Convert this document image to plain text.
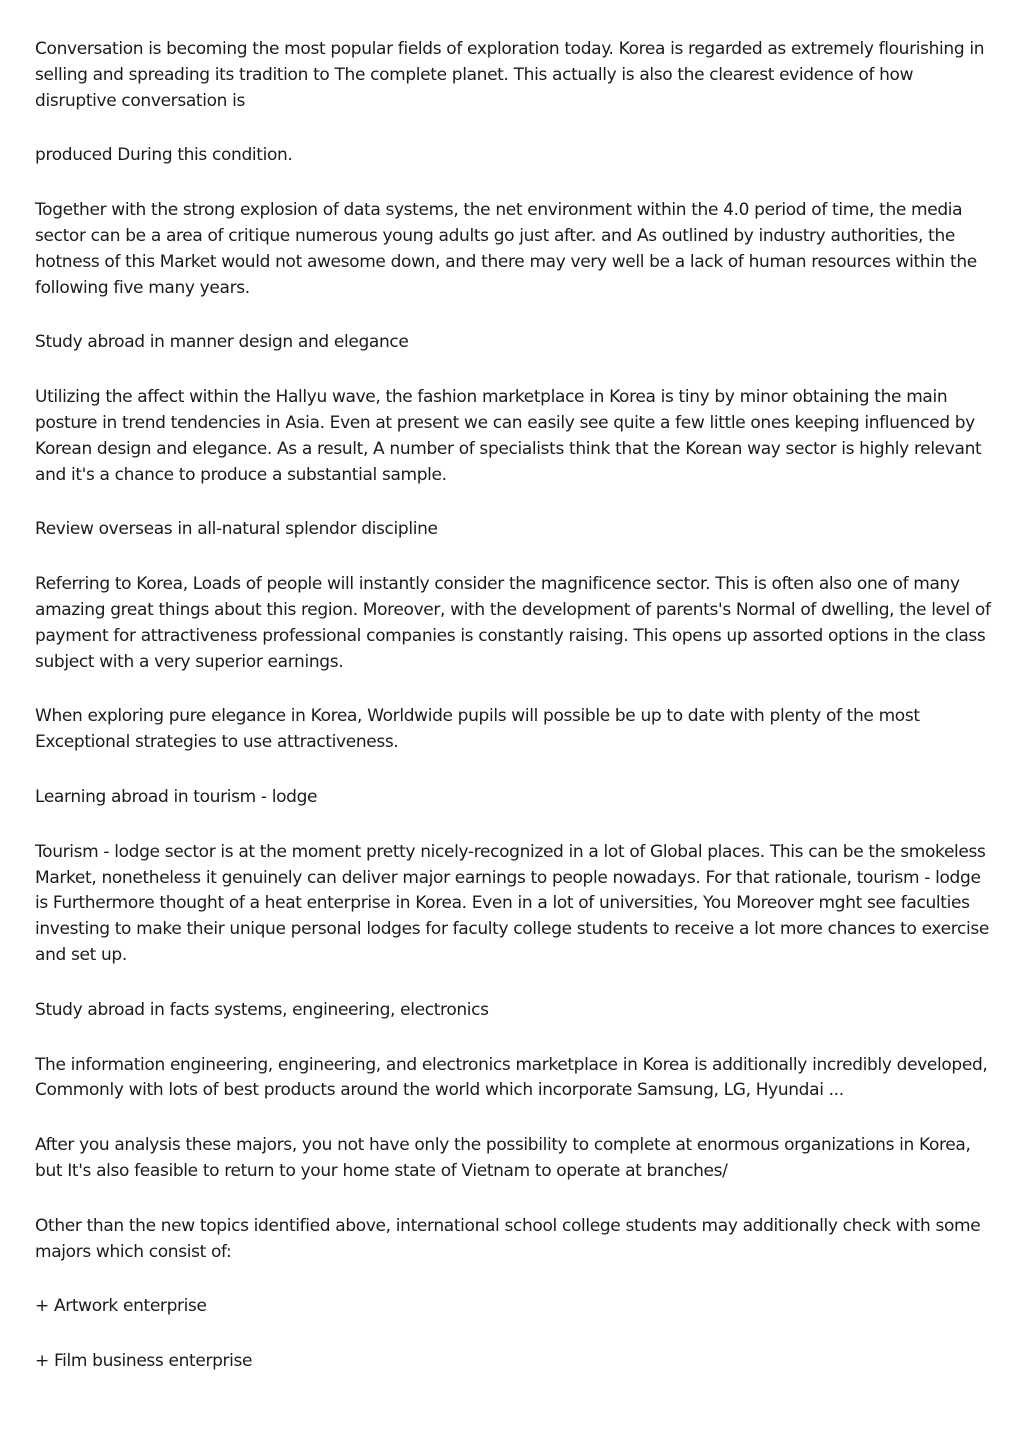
Conversation is becoming the most popular fields of exploration today. Korea is regarded as extremely flourishing in selling and spreading its tradition to The complete planet. This actually is also the clearest evidence of how disruptive conversation is

produced During this condition.

Together with the strong explosion of data systems, the net environment within the 4.0 period of time, the media sector can be a area of critique numerous young adults go just after. and As outlined by industry authorities, the hotness of this Market would not awesome down, and there may very well be a lack of human resources within the following five many years.

Study abroad in manner design and elegance

Utilizing the affect within the Hallyu wave, the fashion marketplace in Korea is tiny by minor obtaining the main posture in trend tendencies in Asia. Even at present we can easily see quite a few little ones keeping influenced by Korean design and elegance. As a result, A number of specialists think that the Korean way sector is highly relevant and it's a chance to produce a substantial sample.

Review overseas in all-natural splendor discipline

Referring to Korea, Loads of people will instantly consider the magnificence sector. This is often also one of many amazing great things about this region. Moreover, with the development of parents's Normal of dwelling, the level of payment for attractiveness professional companies is constantly raising. This opens up assorted options in the class subject with a very superior earnings.

When exploring pure elegance in Korea, Worldwide pupils will possible be up to date with plenty of the most Exceptional strategies to use attractiveness.

Learning abroad in tourism - lodge

Tourism - lodge sector is at the moment pretty nicely-recognized in a lot of Global places. This can be the smokeless Market, nonetheless it genuinely can deliver major earnings to people nowadays. For that rationale, tourism - lodge is Furthermore thought of a heat enterprise in Korea. Even in a lot of universities, You Moreover mght see faculties investing to make their unique personal lodges for faculty college students to receive a lot more chances to exercise and set up.

Study abroad in facts systems, engineering, electronics

The information engineering, engineering, and electronics marketplace in Korea is additionally incredibly developed, Commonly with lots of best products around the world which incorporate Samsung, LG, Hyundai ...

After you analysis these majors, you not have only the possibility to complete at enormous organizations in Korea, but It's also feasible to return to your home state of Vietnam to operate at branches/

Other than the new topics identified above, international school college students may additionally check with some majors which consist of:

+ Artwork enterprise

+ Film business enterprise
